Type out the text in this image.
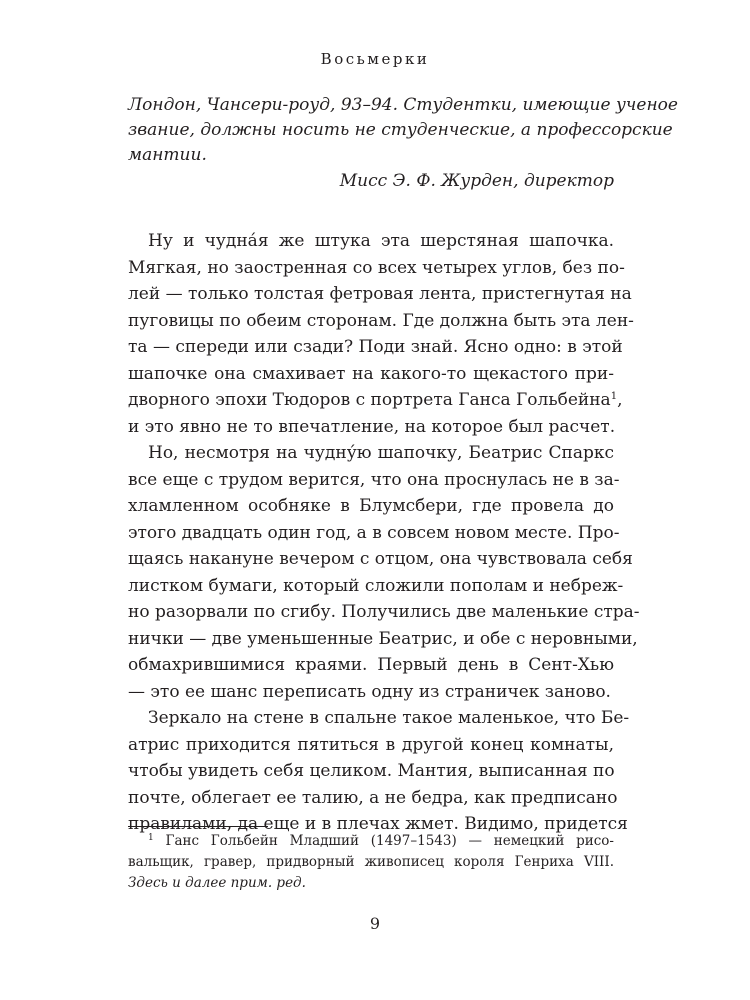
Восьмерки
Лондон, Чансери-роуд, 93–94. Студентки, имеющие ученое
звание, должны носить не студенческие, а профессорские
мантии.
Мисс Э. Ф. Журден, директор
Ну и чудна́я же штука эта шерстяная шапочка.
Мягкая, но заостренная со всех четырех углов, без по-
лей — только толстая фетровая лента, пристегнутая на
пуговицы по обеим сторонам. Где должна быть эта лен-
та — спереди или сзади? Поди знай. Ясно одно: в этой
шапочке она смахивает на какого-то щекастого при-
дворного эпохи Тюдоров с портрета Ганса Гольбейна$^1$,
и это явно не то впечатление, на которое был расчет.
Но, несмотря на чудну́ю шапочку, Беатрис Спаркс
все еще с трудом верится, что она проснулась не в за-
хламленном особняке в Блумсбери, где провела до
этого двадцать один год, а в совсем новом месте. Про-
щаясь накануне вечером с отцом, она чувствовала себя
листком бумаги, который сложили пополам и небреж-
но разорвали по сгибу. Получились две маленькие стра-
нички — две уменьшенные Беатрис, и обе с неровными,
обмахрившимися краями. Первый день в Сент-Хью
— это ее шанс переписать одну из страничек заново.
Зеркало на стене в спальне такое маленькое, что Бе-
атрис приходится пятиться в другой конец комнаты,
чтобы увидеть себя целиком. Мантия, выписанная по
почте, облегает ее талию, а не бедра, как предписано
правилами, да еще и в плечах жмет. Видимо, придется
$^1$ Ганс Гольбейн Младший (1497–1543) — немецкий рисо-
вальщик, гравер, придворный живописец короля Генриха VIII.
Здесь и далее прим. ред.
9
